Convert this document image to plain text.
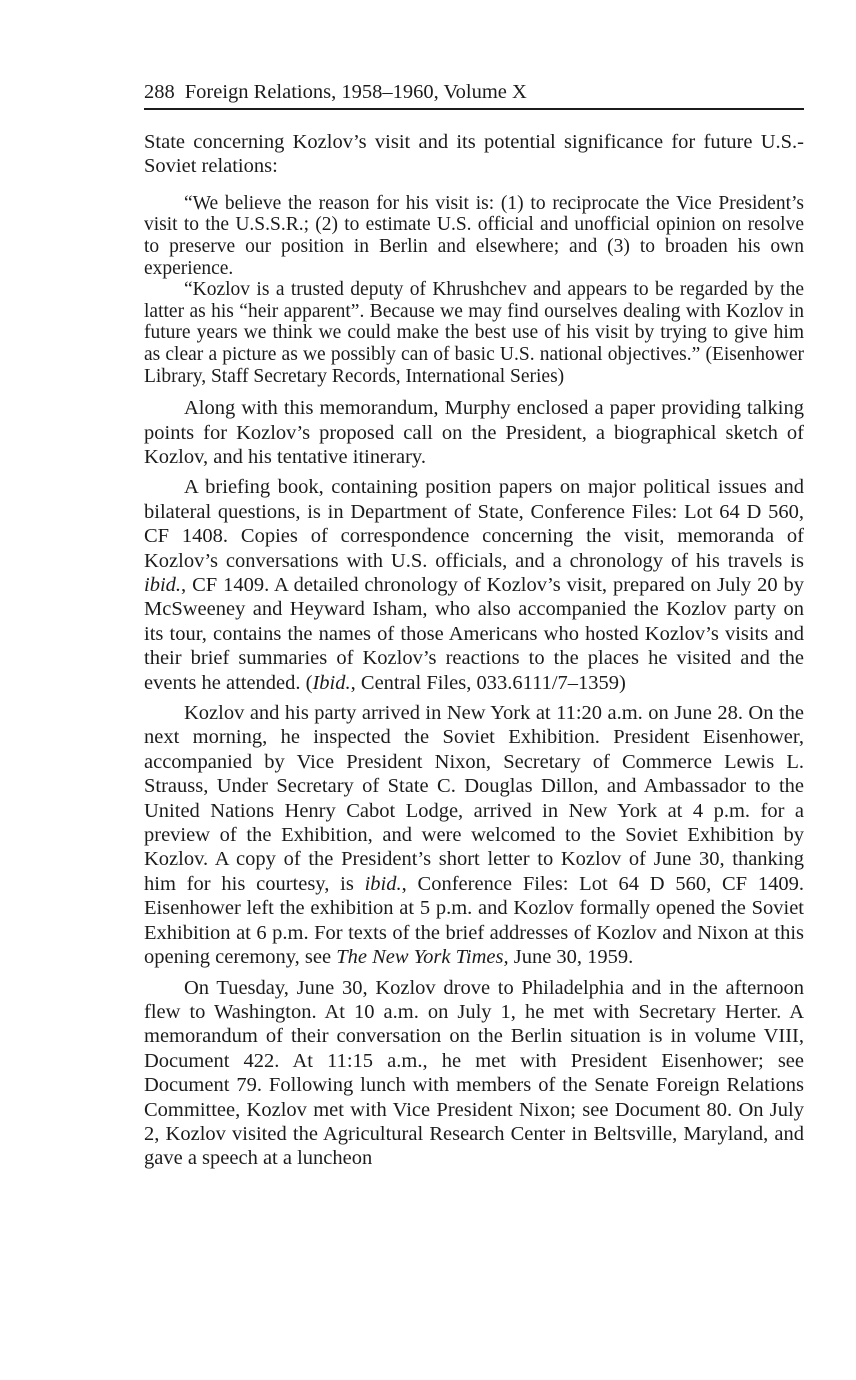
288 Foreign Relations, 1958–1960, Volume X

State concerning Kozlov’s visit and its potential significance for future U.S.-Soviet relations:

“We believe the reason for his visit is: (1) to reciprocate the Vice President’s visit to the U.S.S.R.; (2) to estimate U.S. official and unofficial opinion on resolve to preserve our position in Berlin and elsewhere; and (3) to broaden his own experience.

“Kozlov is a trusted deputy of Khrushchev and appears to be regarded by the latter as his “heir apparent”. Because we may find ourselves dealing with Kozlov in future years we think we could make the best use of his visit by trying to give him as clear a picture as we possibly can of basic U.S. national objectives.” (Eisenhower Library, Staff Secretary Records, International Series)

Along with this memorandum, Murphy enclosed a paper providing talking points for Kozlov’s proposed call on the President, a biographical sketch of Kozlov, and his tentative itinerary.

A briefing book, containing position papers on major political issues and bilateral questions, is in Department of State, Conference Files: Lot 64 D 560, CF 1408. Copies of correspondence concerning the visit, memoranda of Kozlov’s conversations with U.S. officials, and a chronology of his travels is ibid., CF 1409. A detailed chronology of Kozlov’s visit, prepared on July 20 by McSweeney and Heyward Isham, who also accompanied the Kozlov party on its tour, contains the names of those Americans who hosted Kozlov’s visits and their brief summaries of Kozlov’s reactions to the places he visited and the events he attended. (Ibid., Central Files, 033.6111/7–1359)

Kozlov and his party arrived in New York at 11:20 a.m. on June 28. On the next morning, he inspected the Soviet Exhibition. President Eisenhower, accompanied by Vice President Nixon, Secretary of Commerce Lewis L. Strauss, Under Secretary of State C. Douglas Dillon, and Ambassador to the United Nations Henry Cabot Lodge, arrived in New York at 4 p.m. for a preview of the Exhibition, and were welcomed to the Soviet Exhibition by Kozlov. A copy of the President’s short letter to Kozlov of June 30, thanking him for his courtesy, is ibid., Conference Files: Lot 64 D 560, CF 1409. Eisenhower left the exhibition at 5 p.m. and Kozlov formally opened the Soviet Exhibition at 6 p.m. For texts of the brief addresses of Kozlov and Nixon at this opening ceremony, see The New York Times, June 30, 1959.

On Tuesday, June 30, Kozlov drove to Philadelphia and in the afternoon flew to Washington. At 10 a.m. on July 1, he met with Secretary Herter. A memorandum of their conversation on the Berlin situation is in volume VIII, Document 422. At 11:15 a.m., he met with President Eisenhower; see Document 79. Following lunch with members of the Senate Foreign Relations Committee, Kozlov met with Vice President Nixon; see Document 80. On July 2, Kozlov visited the Agricultural Research Center in Beltsville, Maryland, and gave a speech at a luncheon
